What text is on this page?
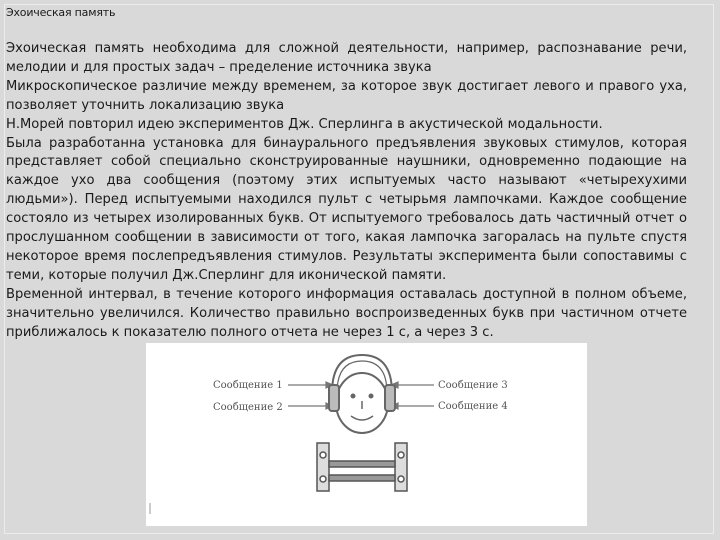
Эхоическая память

Эхоическая память необходима для сложной деятельности, например, распознавание речи, мелодии и для простых задач – пределение источника звука

Микроскопическое различие между временем, за которое звук достигает левого и правого уха, позволяет уточнить локализацию звука

Н.Морей повторил идею экспериментов Дж. Сперлинга в акустической модальности.

Была разработанна установка для бинаурального предъявления звуковых стимулов, которая представляет собой специально сконструированные наушники, одновременно подающие на каждое ухо два сообщения (поэтому этих испытуемых часто называют «четырехухими людьми»). Перед испытуемыми находился пульт с четырьмя лампочками. Каждое сообщение состояло из четырех изолированных букв. От испытуемого требовалось дать частичный отчет о прослушанном сообщении в зависимости от того, какая лампочка загоралась на пульте спустя некоторое время послепредъявления стимулов. Результаты эксперимента были сопоставимы с теми, которые получил Дж.Сперлинг для иконической памяти.

Временной интервал, в течение которого информация оставалась доступной в полном объеме, значительно увеличился. Количество правильно воспроизведенных букв при частичном отчете приближалось к показателю полного отчета не через 1 с, а через 3 с.

Сообщение 1
Сообщение 2
Сообщение 3
Сообщение 4
